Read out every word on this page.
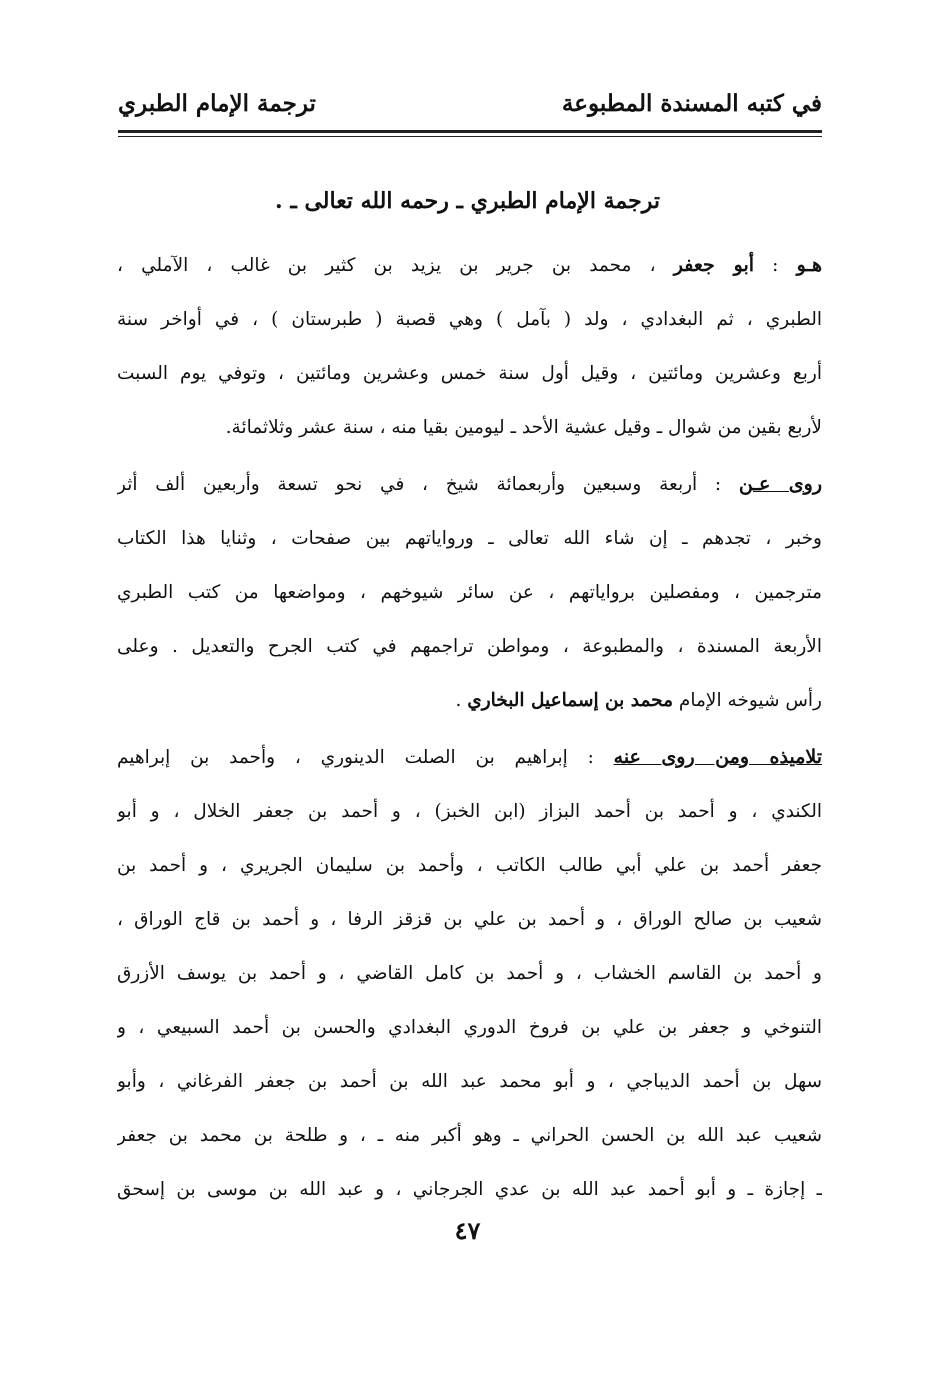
في كتبه المسندة المطبوعة
ترجمة الإمام الطبري
ترجمة الإمام الطبري ـ رحمه الله تعالى ـ .
هـو : أبو جعفر ، محمد بن جرير بن يزيد بن كثير بن غالب ، الآملي ،
الطبري ، ثم البغدادي ، ولد ( بآمل ) وهي قصبة ( طبرستان ) ، في أواخر سنة
أربع وعشرين ومائتين ، وقيل أول سنة خمس وعشرين ومائتين ، وتوفي يوم السبت
لأربع بقين من شوال ـ وقيل عشية الأحد ـ ليومين بقيا منه ، سنة عشر وثلاثمائة.
روى عـن : أربعة وسبعين وأربعمائة شيخ ، في نحو تسعة وأربعين ألف أثر
وخبر ، تجدهم ـ إن شاء الله تعالى ـ ورواياتهم بين صفحات ، وثنايا هذا الكتاب
مترجمين ، ومفصلين برواياتهم ، عن سائر شيوخهم ، ومواضعها من كتب الطبري
الأربعة المسندة ، والمطبوعة ، ومواطن تراجمهم في كتب الجرح والتعديل . وعلى
رأس شيوخه الإمام محمد بن إسماعيل البخاري .
تلاميذه ومن روى عنه : إبراهيم بن الصلت الدينوري ، وأحمد بن إبراهيم
الكندي ، و أحمد بن أحمد البزاز (ابن الخبز) ، و أحمد بن جعفر الخلال ، و أبو
جعفر أحمد بن علي أبي طالب الكاتب ، وأحمد بن سليمان الجريري ، و أحمد بن
شعيب بن صالح الوراق ، و أحمد بن علي بن قزقز الرفا ، و أحمد بن قاج الوراق ،
و أحمد بن القاسم الخشاب ، و أحمد بن كامل القاضي ، و أحمد بن يوسف الأزرق
التنوخي و جعفر بن علي بن فروخ الدوري البغدادي والحسن بن أحمد السبيعي ، و
سهل بن أحمد الديباجي ، و أبو محمد عبد الله بن أحمد بن جعفر الفرغاني ، وأبو
شعيب عبد الله بن الحسن الحراني ـ وهو أكبر منه ـ ، و طلحة بن محمد بن جعفر
ـ إجازة ـ و أبو أحمد عبد الله بن عدي الجرجاني ، و عبد الله بن موسى بن إسحق
٤٧
